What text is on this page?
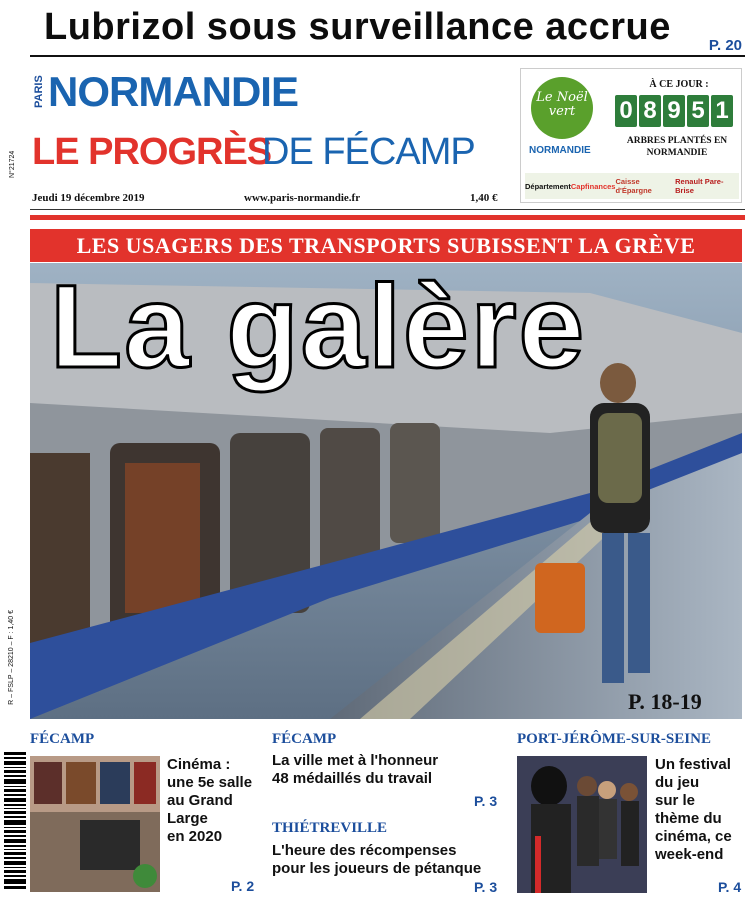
Lubrizol sous surveillance accrue	P. 20
N°21724
PARIS NORMANDIE
LE PROGRÈS
DE FÉCAMP
Jeudi 19 décembre 2019	www.paris-normandie.fr	1,40 €
Le Noël vert
NORMANDIE
À CE JOUR :
0 8 9 5 1
ARBRES PLANTÉS EN NORMANDIE
Département Capfinances Caisse d'Épargne
Renault Pare-Brise
LES USAGERS DES TRANSPORTS SUBISSENT LA GRÈVE
La galère
P. 18-19
R – FSLP – 28210 – F : 1,40 €
FÉCAMP
Cinéma :
une 5e salle
au Grand
Large
en 2020
P. 2
FÉCAMP
La ville met à l'honneur
48 médaillés du travail
P. 3
THIÉTREVILLE
L'heure des récompenses
pour les joueurs de pétanque
P. 3
PORT-JÉRÔME-SUR-SEINE
Un festival
du jeu
sur le
thème du
cinéma, ce
week-end
P. 4
